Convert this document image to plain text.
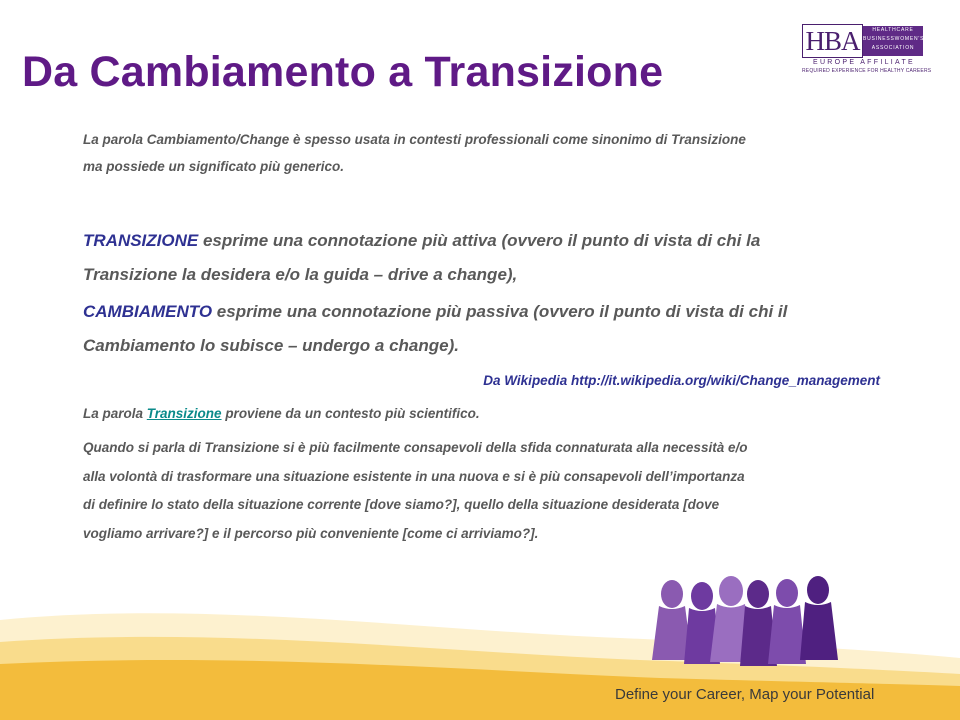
Da Cambiamento a Transizione
HBA	HEALTHCARE
BUSINESSWOMEN'S
ASSOCIATION
EUROPE AFFILIATE
REQUIRED EXPERIENCE FOR HEALTHY CAREERS

La parola Cambiamento/Change è spesso usata in contesti professionali come sinonimo di Transizione

ma possiede un significato più generico.

TRANSIZIONE esprime una connotazione più attiva (ovvero il punto di vista di chi la

Transizione la desidera e/o la guida – drive a change),

CAMBIAMENTO esprime una connotazione più passiva (ovvero il punto di vista di chi il

Cambiamento lo subisce – undergo a change).

Da Wikipedia http://it.wikipedia.org/wiki/Change_management

La parola Transizione proviene da un contesto più scientifico.

Quando si parla di Transizione si è più facilmente consapevoli della sfida connaturata alla necessità e/o

alla volontà di trasformare una situazione esistente in una nuova e si è più consapevoli dell’importanza

di definire lo stato della situazione corrente [dove siamo?], quello della situazione desiderata [dove

vogliamo arrivare?] e il percorso più conveniente [come ci arriviamo?].

Define your Career, Map your Potential
